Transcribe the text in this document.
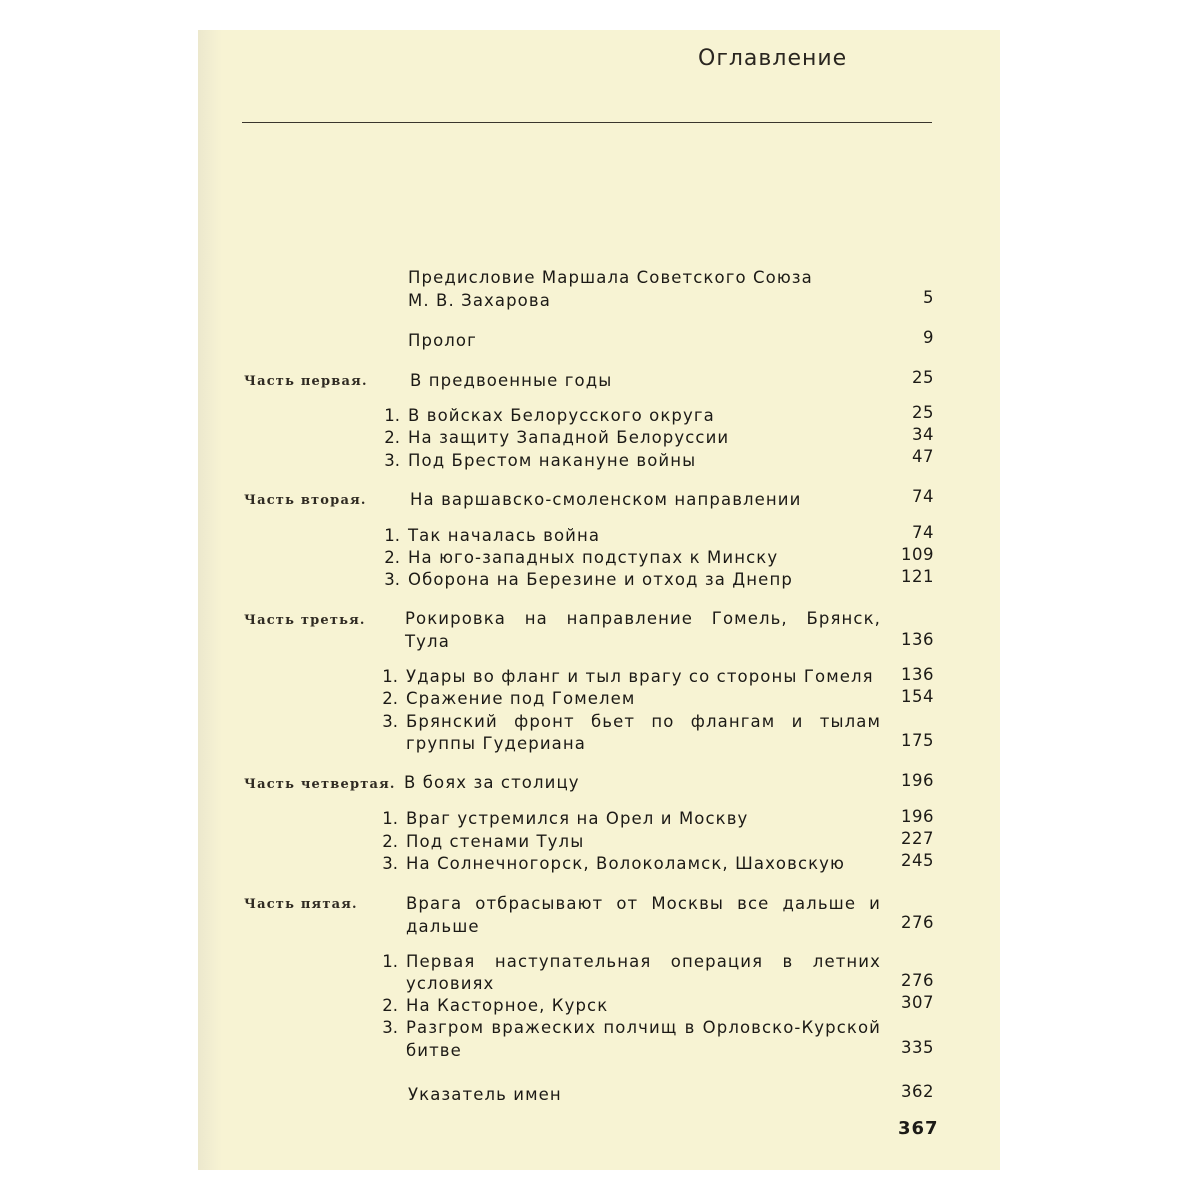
Оглавление
Предисловие Маршала Советского Союза
М. В. Захарова	5
Пролог	9
Часть первая.	В предвоенные годы	25
1. В войсках Белорусского округа	25
2. На защиту Западной Белоруссии	34
3. Под Брестом накануне войны	47
Часть вторая.	На варшавско-смоленском направлении	74
1. Так началась война	74
2. На юго-западных подступах к Минску	109
3. Оборона на Березине и отход за Днепр	121
Часть третья. Рокировка на направление Гомель, Брянск,
Тула	136
1. Удары во фланг и тыл врагу со стороны Гомеля	136
2. Сражение под Гомелем	154
3. Брянский фронт бьет по флангам и тылам
группы Гудериана	175
Часть четвертая. В боях за столицу	196
1. Враг устремился на Орел и Москву	196
2. Под стенами Тулы	227
3. На Солнечногорск, Волоколамск, Шаховскую	245
Часть пятая.	Врага отбрасывают от Москвы все дальше и
дальше	276
1. Первая наступательная операция в летних
условиях	276
2. На Касторное, Курск	307
3. Разгром вражеских полчищ в Орловско-Курской
битве	335
Указатель имен	362
367
